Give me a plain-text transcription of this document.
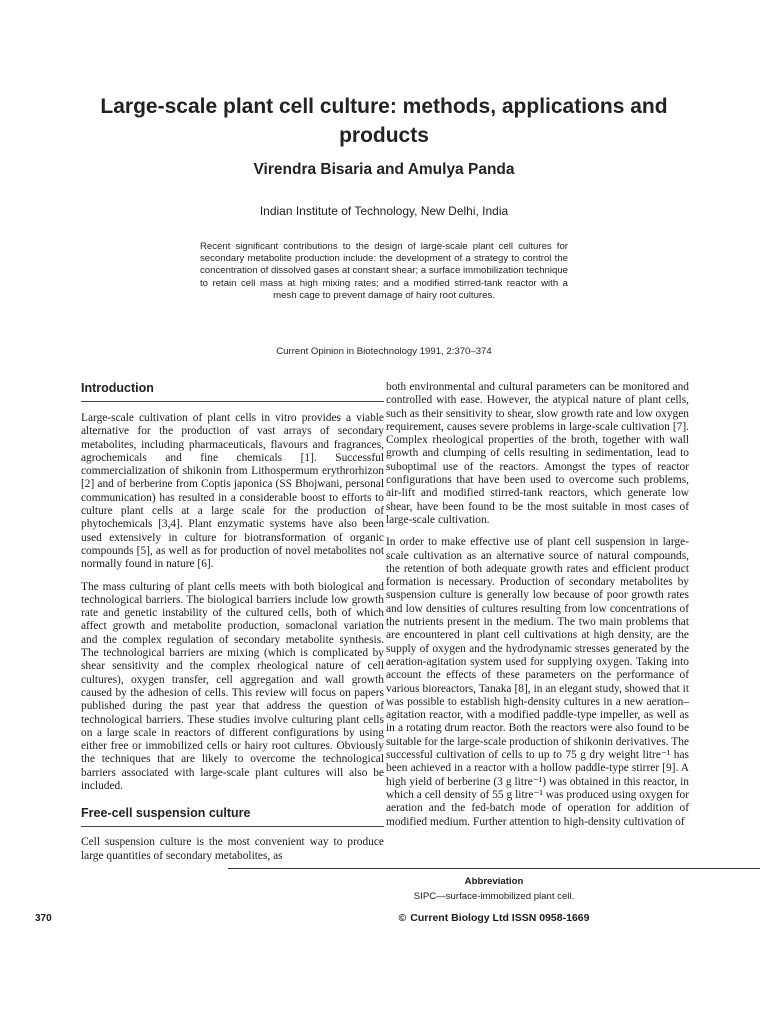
Large-scale plant cell culture: methods, applications and products

Virendra Bisaria and Amulya Panda

Indian Institute of Technology, New Delhi, India

Recent significant contributions to the design of large-scale plant cell cultures for secondary metabolite production include: the development of a strategy to control the concentration of dissolved gases at constant shear; a surface immobilization technique to retain cell mass at high mixing rates; and a modified stirred-tank reactor with a mesh cage to prevent damage of hairy root cultures.

Current Opinion in Biotechnology 1991, 2:370–374

Introduction

Large-scale cultivation of plant cells in vitro provides a viable alternative for the production of vast arrays of secondary metabolites, including pharmaceuticals, flavours and fragrances, agrochemicals and fine chemicals [1]. Successful commercialization of shikonin from Lithospermum erythrorhizon [2] and of berberine from Coptis japonica (SS Bhojwani, personal communication) has resulted in a considerable boost to efforts to culture plant cells at a large scale for the production of phytochemicals [3,4]. Plant enzymatic systems have also been used extensively in culture for biotransformation of organic compounds [5], as well as for production of novel metabolites not normally found in nature [6].

The mass culturing of plant cells meets with both biological and technological barriers. The biological barriers include low growth rate and genetic instability of the cultured cells, both of which affect growth and metabolite production, somaclonal variation and the complex regulation of secondary metabolite synthesis. The technological barriers are mixing (which is complicated by shear sensitivity and the complex rheological nature of cell cultures), oxygen transfer, cell aggregation and wall growth caused by the adhesion of cells. This review will focus on papers published during the past year that address the question of technological barriers. These studies involve culturing plant cells on a large scale in reactors of different configurations by using either free or immobilized cells or hairy root cultures. Obviously the techniques that are likely to overcome the technological barriers associated with large-scale plant cultures will also be included.

Free-cell suspension culture

Cell suspension culture is the most convenient way to produce large quantities of secondary metabolites, as

both environmental and cultural parameters can be monitored and controlled with ease. However, the atypical nature of plant cells, such as their sensitivity to shear, slow growth rate and low oxygen requirement, causes severe problems in large-scale cultivation [7]. Complex rheological properties of the broth, together with wall growth and clumping of cells resulting in sedimentation, lead to suboptimal use of the reactors. Amongst the types of reactor configurations that have been used to overcome such problems, air-lift and modified stirred-tank reactors, which generate low shear, have been found to be the most suitable in most cases of large-scale cultivation.

In order to make effective use of plant cell suspension in large-scale cultivation as an alternative source of natural compounds, the retention of both adequate growth rates and efficient product formation is necessary. Production of secondary metabolites by suspension culture is generally low because of poor growth rates and low densities of cultures resulting from low concentrations of the nutrients present in the medium. The two main problems that are encountered in plant cell cultivations at high density, are the supply of oxygen and the hydrodynamic stresses generated by the aeration-agitation system used for supplying oxygen. Taking into account the effects of these parameters on the performance of various bioreactors, Tanaka [8], in an elegant study, showed that it was possible to establish high-density cultures in a new aeration–agitation reactor, with a modified paddle-type impeller, as well as in a rotating drum reactor. Both the reactors were also found to be suitable for the large-scale production of shikonin derivatives. The successful cultivation of cells to up to 75 g dry weight litre⁻¹ has been achieved in a reactor with a hollow paddle-type stirrer [9]. A high yield of berberine (3 g litre⁻¹) was obtained in this reactor, in which a cell density of 55 g litre⁻¹ was produced using oxygen for aeration and the fed-batch mode of operation for addition of modified medium. Further attention to high-density cultivation of

Abbreviation

SIPC—surface-immobilized plant cell.

370	© Current Biology Ltd ISSN 0958-1669
